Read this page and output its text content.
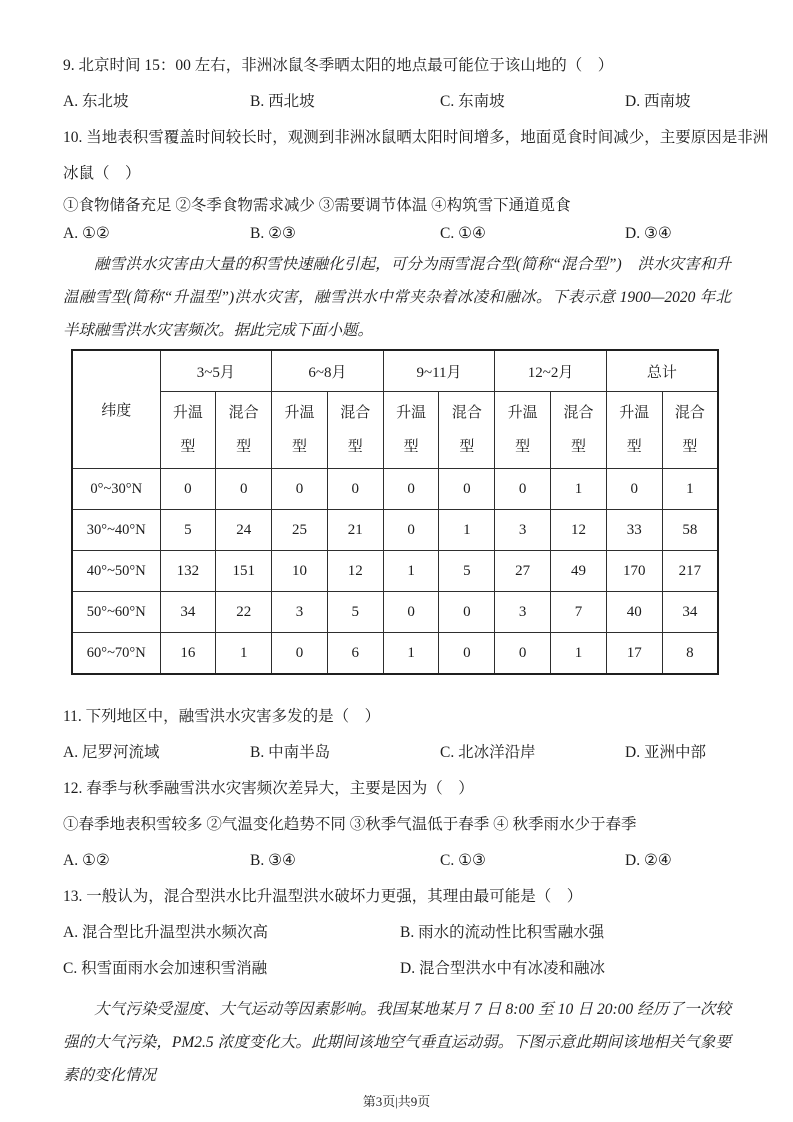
9. 北京时间 15：00 左右，非洲冰鼠冬季晒太阳的地点最可能位于该山地的（　）
A. 东北坡	B. 西北坡	C. 东南坡	D. 西南坡
10. 当地表积雪覆盖时间较长时，观测到非洲冰鼠晒太阳时间增多，地面觅食时间减少，主要原因是非洲
冰鼠（　）
①食物储备充足 ②冬季食物需求减少 ③需要调节体温 ④构筑雪下通道觅食
A. ①②	B. ②③	C. ①④	D. ③④
融雪洪水灾害由大量的积雪快速融化引起，可分为雨雪混合型(简称“混合型”)　洪水灾害和升温融雪型(简称“升温型”)洪水灾害，融雪洪水中常夹杂着冰凌和融冰。下表示意 1900—2020 年北半球融雪洪水灾害频次。据此完成下面小题。
纬度	3~5月		6~8月		9~11月		12~2月		总计	
	升温型	混合型	升温型	混合型	升温型	混合型	升温型	混合型	升温型	混合型
0°~30°N	0	0	0	0	0	0	0	1	0	1
30°~40°N	5	24	25	21	0	1	3	12	33	58
40°~50°N	132	151	10	12	1	5	27	49	170	217
50°~60°N	34	22	3	5	0	0	3	7	40	34
60°~70°N	16	1	0	6	1	0	0	1	17	8
11. 下列地区中，融雪洪水灾害多发的是（　）
A. 尼罗河流域	B. 中南半岛	C. 北冰洋沿岸	D. 亚洲中部
12. 春季与秋季融雪洪水灾害频次差异大，主要是因为（　）
①春季地表积雪较多 ②气温变化趋势不同 ③秋季气温低于春季 ④ 秋季雨水少于春季
A. ①②	B. ③④	C. ①③	D. ②④
13. 一般认为，混合型洪水比升温型洪水破坏力更强，其理由最可能是（　）
A. 混合型比升温型洪水频次高	B. 雨水的流动性比积雪融水强
C. 积雪面雨水会加速积雪消融	D. 混合型洪水中有冰凌和融冰
大气污染受湿度、大气运动等因素影响。我国某地某月 7 日 8:00 至 10 日 20:00 经历了一次较强的大气污染，PM2.5 浓度变化大。此期间该地空气垂直运动弱。下图示意此期间该地相关气象要素的变化情况
第3页|共9页
